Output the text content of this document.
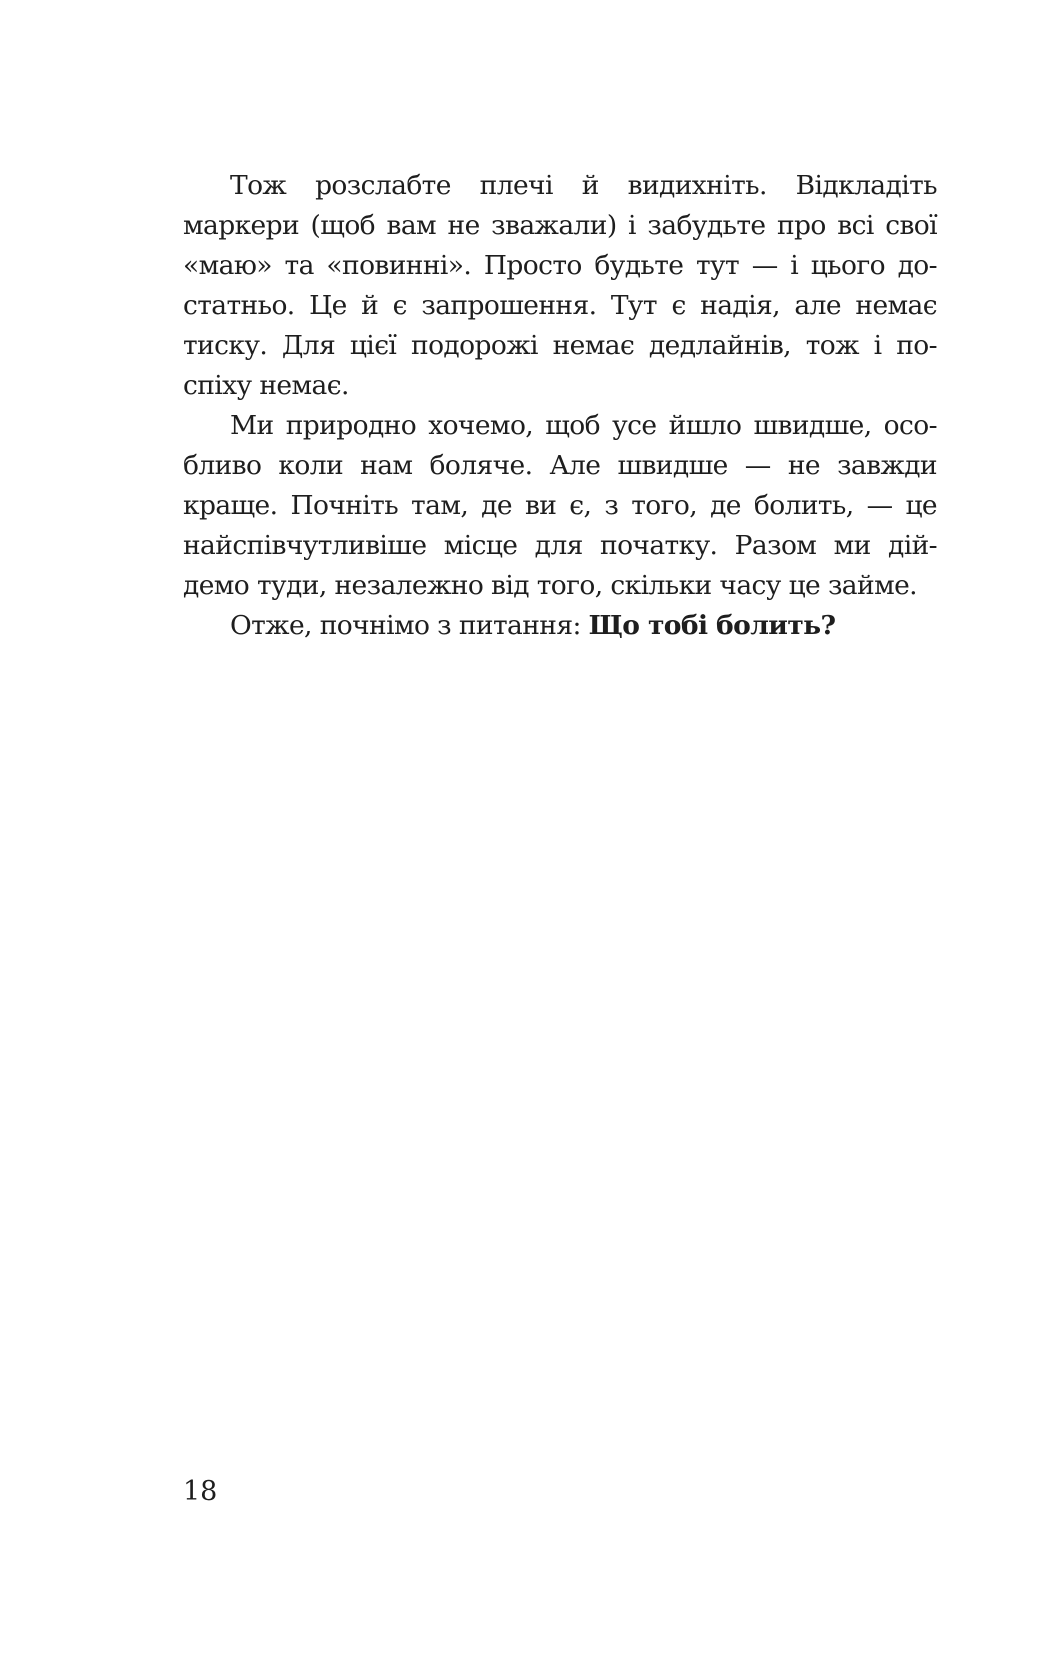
Тож розслабте плечі й видихніть. Відкладіть
маркери (щоб вам не зважали) і забудьте про всі свої
«маю» та «повинні». Просто будьте тут — і цього до-
статньо. Це й є запрошення. Тут є надія, але немає
тиску. Для цієї подорожі немає дедлайнів, тож і по-
спіху немає.
Ми природно хочемо, щоб усе йшло швидше, осо-
бливо коли нам боляче. Але швидше — не завжди
краще. Почніть там, де ви є, з того, де болить, — це
найспівчутливіше місце для початку. Разом ми дій-
демо туди, незалежно від того, скільки часу це займе.
Отже, почнімо з питання: Що тобі болить?
18
